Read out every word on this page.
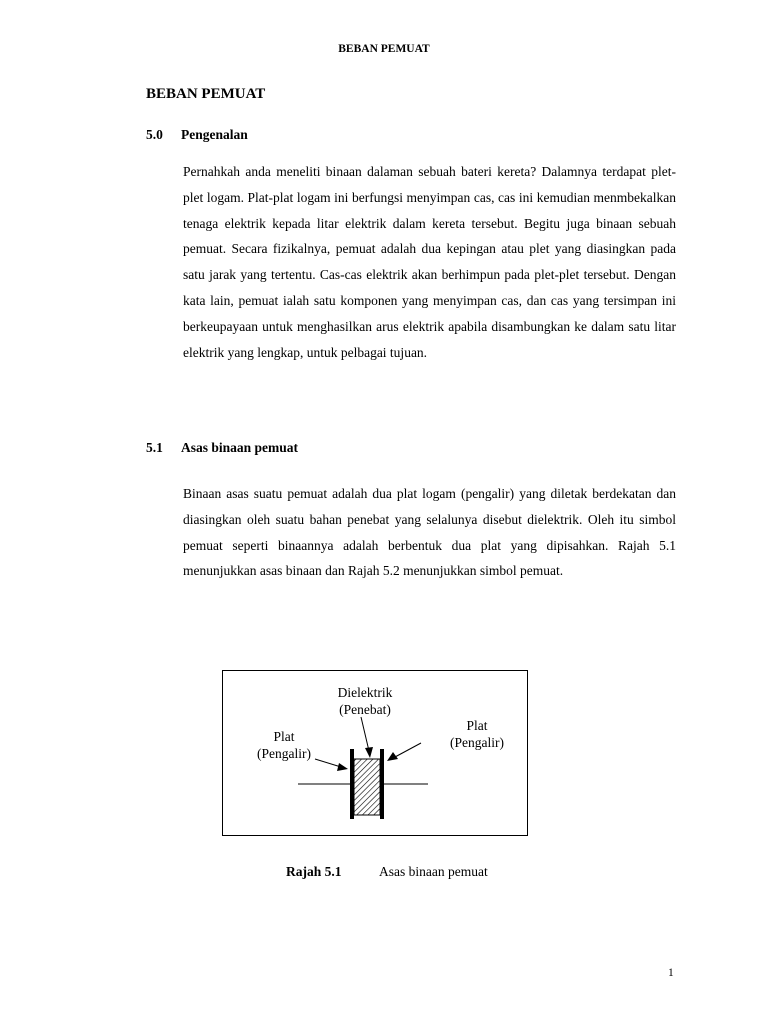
BEBAN PEMUAT
BEBAN PEMUAT
5.0 Pengenalan

Pernahkah anda meneliti binaan dalaman sebuah bateri kereta? Dalamnya terdapat plet-plet logam. Plat-plat logam ini berfungsi menyimpan cas, cas ini kemudian menmbekalkan tenaga elektrik kepada litar elektrik dalam kereta tersebut. Begitu juga binaan sebuah pemuat. Secara fizikalnya, pemuat adalah dua kepingan atau plet yang diasingkan pada satu jarak yang tertentu. Cas-cas elektrik akan berhimpun pada plet-plet tersebut. Dengan kata lain, pemuat ialah satu komponen yang menyimpan cas, dan cas yang tersimpan ini berkeupayaan untuk menghasilkan arus elektrik apabila disambungkan ke dalam satu litar elektrik yang lengkap, untuk pelbagai tujuan.

5.1 Asas binaan pemuat

Binaan asas suatu pemuat adalah dua plat logam (pengalir) yang diletak berdekatan dan diasingkan oleh suatu bahan penebat yang selalunya disebut dielektrik. Oleh itu simbol pemuat seperti binaannya adalah berbentuk dua plat yang dipisahkan. Rajah 5.1 menunjukkan asas binaan dan Rajah 5.2 menunjukkan simbol pemuat.

Dielektrik
(Penebat)
Plat
(Pengalir)
Plat
(Pengalir)
Rajah 5.1	Asas binaan pemuat
1
